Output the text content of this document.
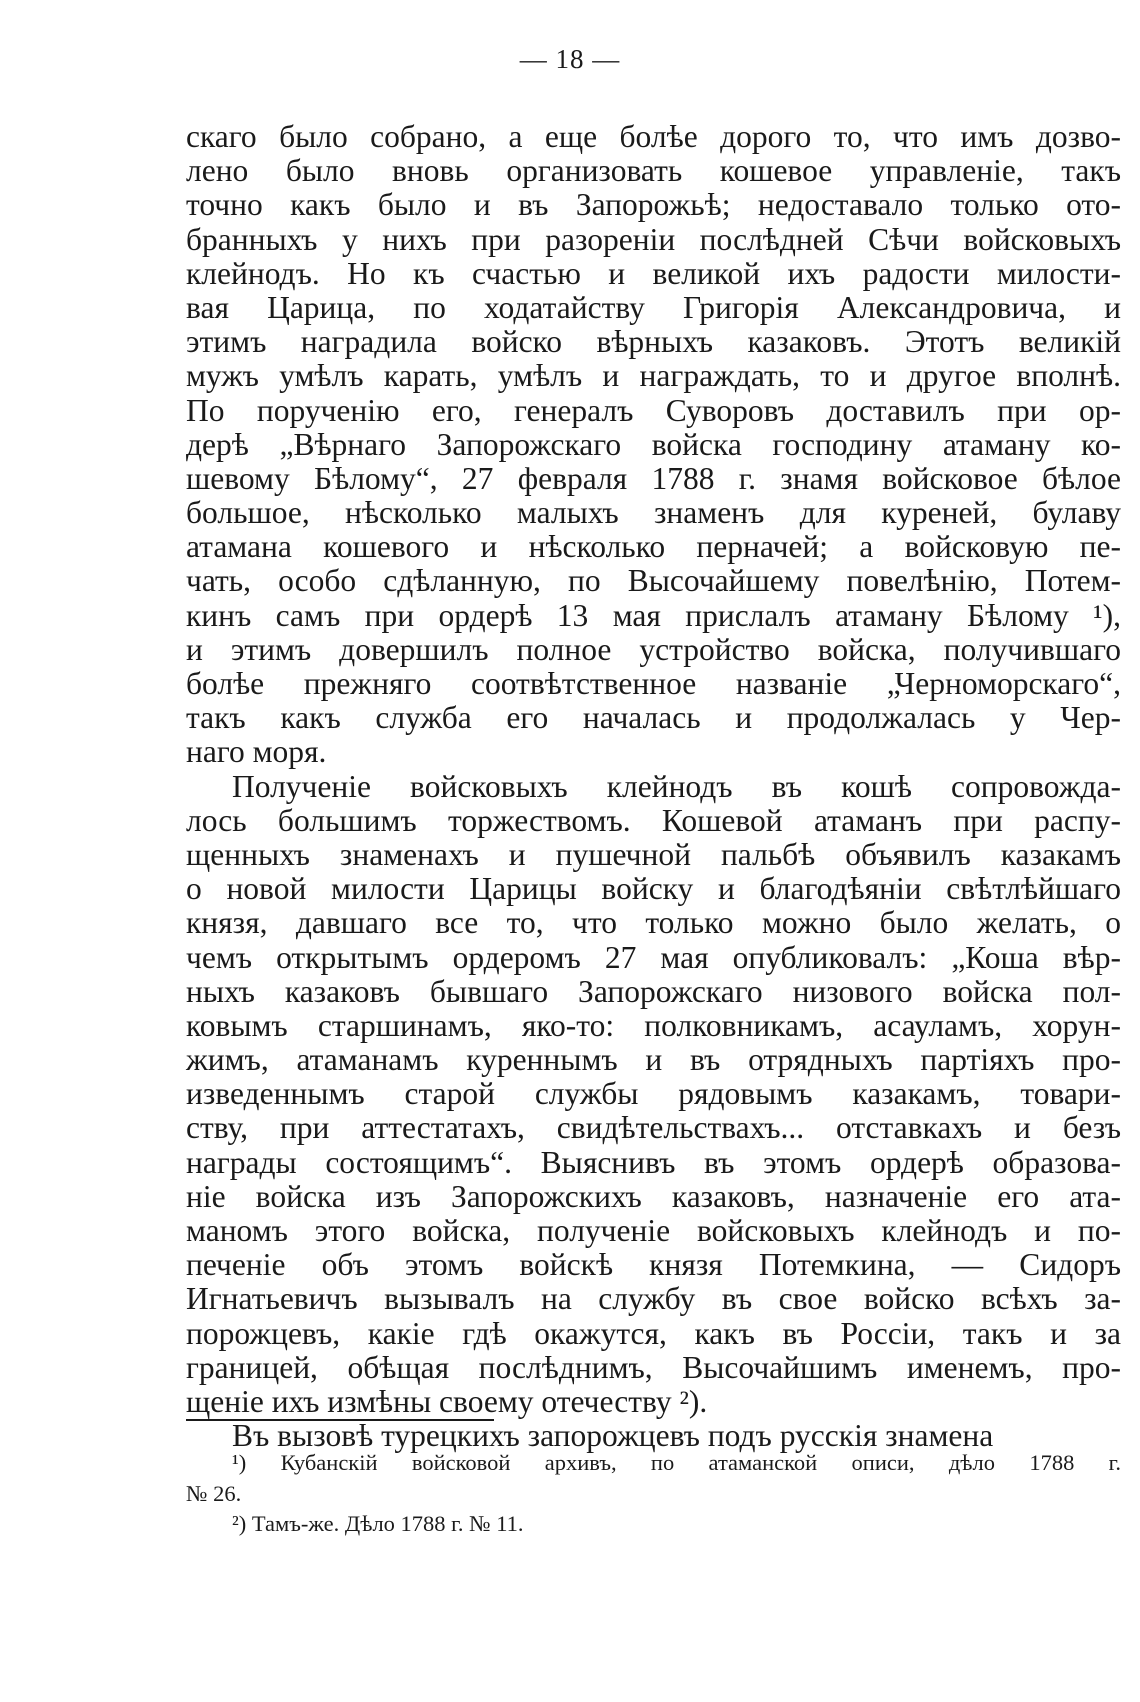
— 18 —
скаго было собрано, а еще болѣе дорого то, что имъ дозво-
лено было вновь организовать кошевое управленіе, такъ
точно какъ было и въ Запорожьѣ; недоставало только ото-
бранныхъ у нихъ при разореніи послѣдней Сѣчи войсковыхъ
клейнодъ. Но къ счастью и великой ихъ радости милости-
вая Царица, по ходатайству Григорія Александровича, и
этимъ наградила войско вѣрныхъ казаковъ. Этотъ великій
мужъ умѣлъ карать, умѣлъ и награждать, то и другое вполнѣ.
По порученію его, генералъ Суворовъ доставилъ при ор-
дерѣ „Вѣрнаго Запорожскаго войска господину атаману ко-
шевому Бѣлому“, 27 февраля 1788 г. знамя войсковое бѣлое
большое, нѣсколько малыхъ знаменъ для куреней, булаву
атамана кошевого и нѣсколько перначей; а войсковую пе-
чать, особо сдѣланную, по Высочайшему повелѣнію, Потем-
кинъ самъ при ордерѣ 13 мая прислалъ атаману Бѣлому ¹),
и этимъ довершилъ полное устройство войска, получившаго
болѣе прежняго соотвѣтственное названіе „Черноморскаго“,
такъ какъ служба его началась и продолжалась у Чер-
наго моря.
Полученіе войсковыхъ клейнодъ въ кошѣ сопровожда-
лось большимъ торжествомъ. Кошевой атаманъ при распу-
щенныхъ знаменахъ и пушечной пальбѣ объявилъ казакамъ
о новой милости Царицы войску и благодѣяніи свѣтлѣйшаго
князя, давшаго все то, что только можно было желать, о
чемъ открытымъ ордеромъ 27 мая опубликовалъ: „Коша вѣр-
ныхъ казаковъ бывшаго Запорожскаго низового войска пол-
ковымъ старшинамъ, яко-то: полковникамъ, асауламъ, хорун-
жимъ, атаманамъ куреннымъ и въ отрядныхъ партіяхъ про-
изведеннымъ старой службы рядовымъ казакамъ, товари-
ству, при аттестатахъ, свидѣтельствахъ... отставкахъ и безъ
награды состоящимъ“. Выяснивъ въ этомъ ордерѣ образова-
ніе войска изъ Запорожскихъ казаковъ, назначеніе его ата-
маномъ этого войска, полученіе войсковыхъ клейнодъ и по-
печеніе объ этомъ войскѣ князя Потемкина, — Сидоръ
Игнатьевичъ вызывалъ на службу въ свое войско всѣхъ за-
порожцевъ, какіе гдѣ окажутся, какъ въ Россіи, такъ и за
границей, обѣщая послѣднимъ, Высочайшимъ именемъ, про-
щеніе ихъ измѣны своему отечеству ²).
Въ вызовѣ турецкихъ запорожцевъ подъ русскія знамена
¹) Кубанскій войсковой архивъ, по атаманской описи, дѣло 1788 г.
№ 26.
²) Тамъ-же. Дѣло 1788 г. № 11.
